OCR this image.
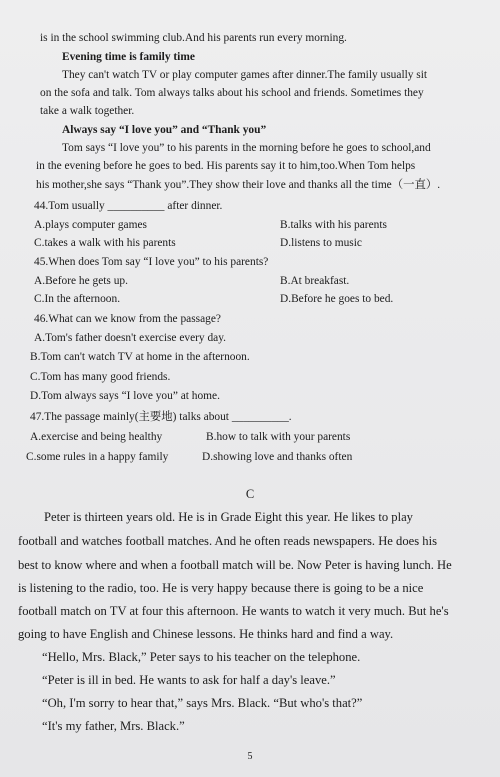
is in the school swimming club.And his parents run every morning.
Evening time is family time
They can't watch TV or play computer games after dinner.The family usually sit
on the sofa and talk. Tom always talks about his school and friends. Sometimes they
take a walk together.
Always say “I love you” and “Thank you”
Tom says “I love you” to his parents in the morning before he goes to school,and
in the evening before he goes to bed. His parents say it to him,too.When Tom helps
his mother,she says “Thank you”.They show their love and thanks all the time（一直）.
44.Tom usually __________ after dinner.
A.plays computer games	B.talks with his parents
C.takes a walk with his parents	D.listens to music
45.When does Tom say “I love you” to his parents?
A.Before he gets up.	B.At breakfast.
C.In the afternoon.	D.Before he goes to bed.
46.What can we know from the passage?
A.Tom's father doesn't exercise every day.
B.Tom can't watch TV at home in the afternoon.
C.Tom has many good friends.
D.Tom always says “I love you” at home.
47.The passage mainly(主要地) talks about __________.
A.exercise and being healthy	B.how to talk with your parents
C.some rules in a happy family	D.showing love and thanks often
C
Peter is thirteen years old. He is in Grade Eight this year. He likes to play
football and watches football matches. And he often reads newspapers. He does his
best to know where and when a football match will be. Now Peter is having lunch. He
is listening to the radio, too. He is very happy because there is going to be a nice
football match on TV at four this afternoon. He wants to watch it very much. But he's
going to have English and Chinese lessons. He thinks hard and find a way.
“Hello, Mrs. Black,” Peter says to his teacher on the telephone.
“Peter is ill in bed. He wants to ask for half a day's leave.”
“Oh, I'm sorry to hear that,” says Mrs. Black. “But who's that?”
“It's my father, Mrs. Black.”
5
